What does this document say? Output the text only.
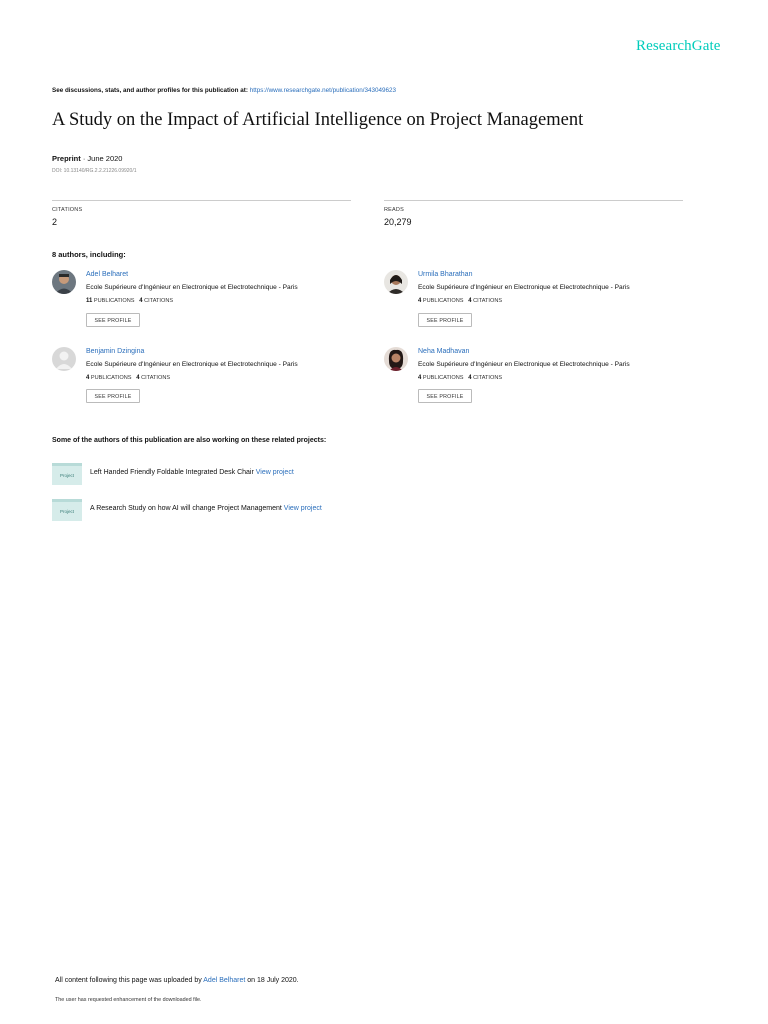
ResearchGate
See discussions, stats, and author profiles for this publication at: https://www.researchgate.net/publication/343049623
A Study on the Impact of Artificial Intelligence on Project Management
Preprint · June 2020
DOI: 10.13140/RG.2.2.21226.09920/1
CITATIONS
2
READS
20,279
8 authors, including:
Adel Belharet
Ecole Supérieure d'Ingénieur en Electronique et Electrotechnique - Paris
11 PUBLICATIONS 4 CITATIONS
SEE PROFILE
Urmila Bharathan
Ecole Supérieure d'Ingénieur en Electronique et Electrotechnique - Paris
4 PUBLICATIONS 4 CITATIONS
SEE PROFILE
Benjamin Dzingina
Ecole Supérieure d'Ingénieur en Electronique et Electrotechnique - Paris
4 PUBLICATIONS 4 CITATIONS
SEE PROFILE
Neha Madhavan
Ecole Supérieure d'Ingénieur en Electronique et Electrotechnique - Paris
4 PUBLICATIONS 4 CITATIONS
SEE PROFILE
Some of the authors of this publication are also working on these related projects:
Project	Left Handed Friendly Foldable Integrated Desk Chair View project
Project	A Research Study on how AI will change Project Management View project
All content following this page was uploaded by Adel Belharet on 18 July 2020.
The user has requested enhancement of the downloaded file.
